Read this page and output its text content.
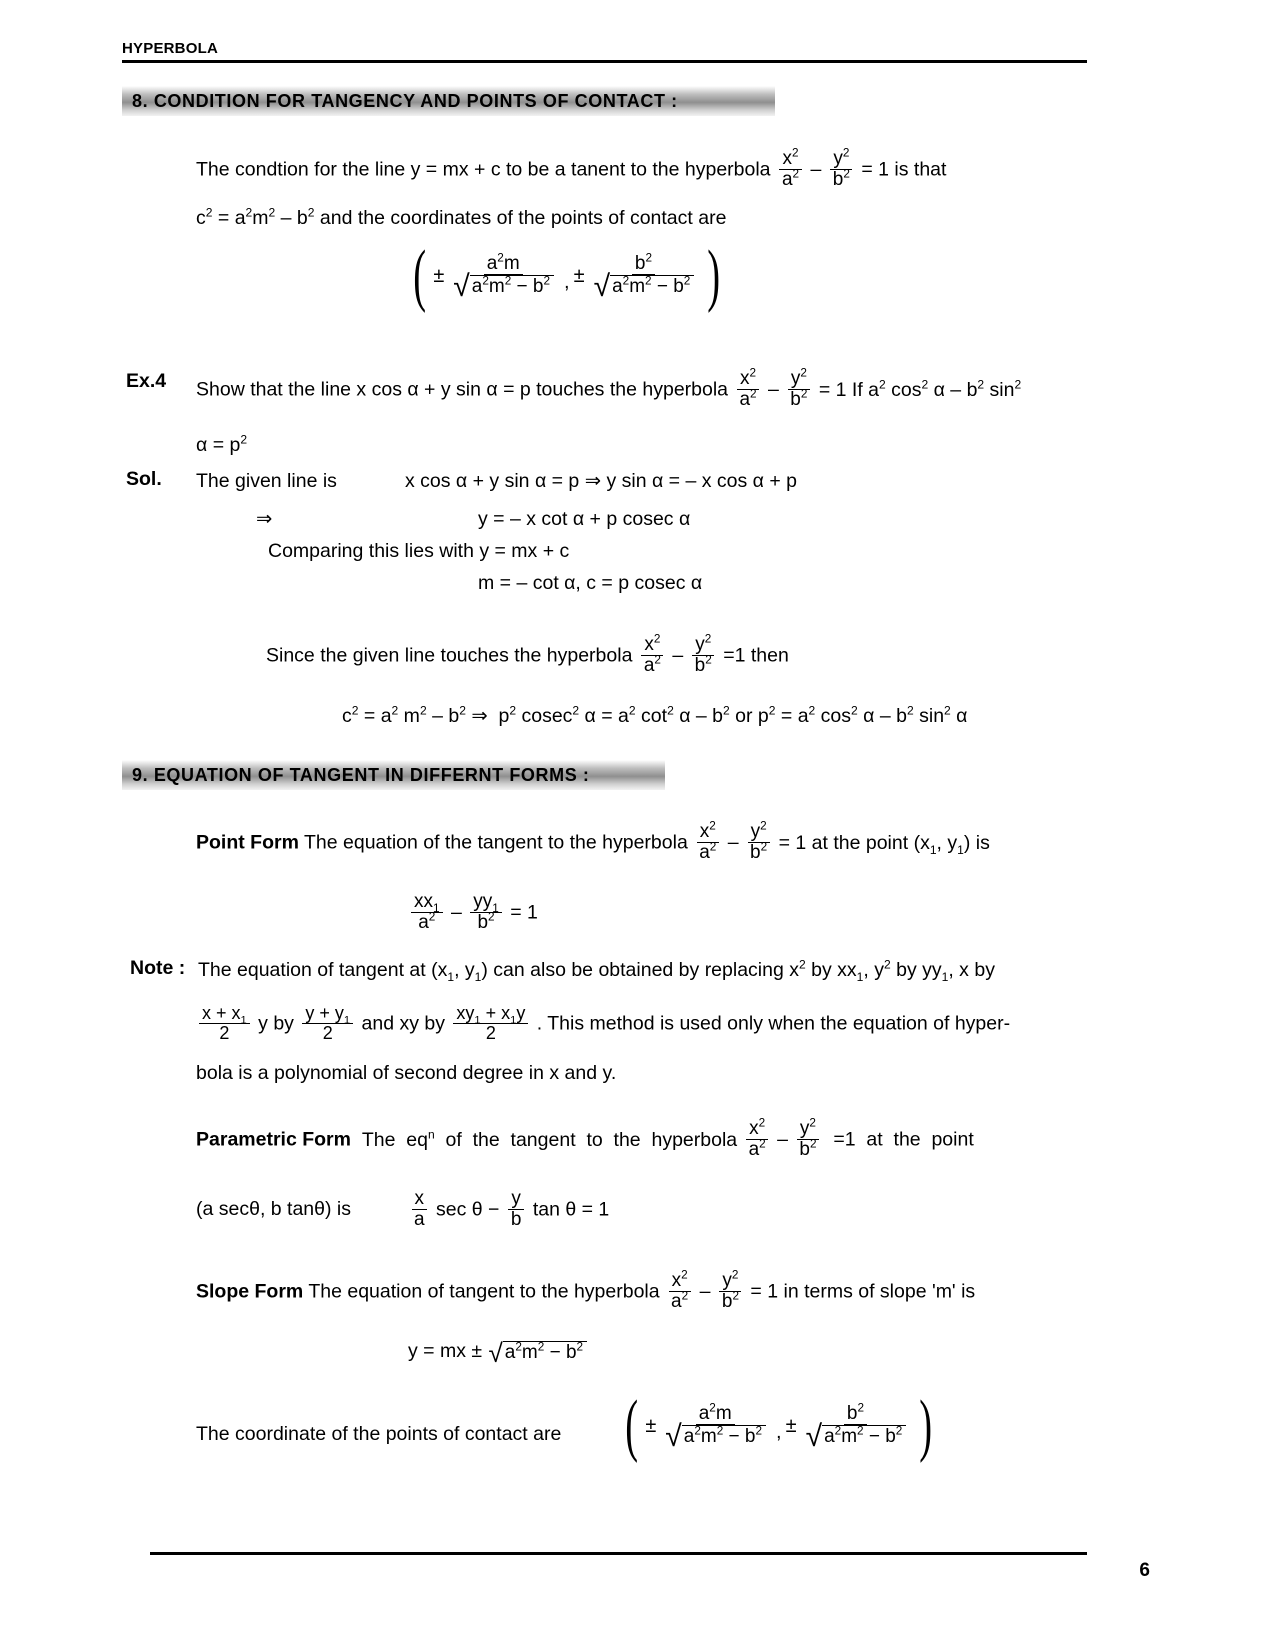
HYPERBOLA
8. CONDITION FOR TANGENCY AND POINTS OF CONTACT :
The condtion for the line y = mx + c to be a tanent to the hyperbola $\frac{x^2}{a^2} - \frac{y^2}{b^2} = 1$ is that
$c^2 = a^2m^2 - b^2$ and the coordinates of the points of contact are
( ± $\frac{a^2m}{√ a^2m^2 - b^2}$ , ± $\frac{b^2}{√ a^2m^2 - b^2}$ )
Ex.4 Show that the line x cos α + y sin α = p touches the hyperbola $\frac{x^2}{a^2} - \frac{y^2}{b^2} = 1$ If $a^2$ $\cos^2 \alpha - b^2$ $\sin^2$
$\alpha = p^2$
Sol. The given line is	x cos α + y sin α = p ⇒ y sin α = – x cos α + p
⇒	y = – x cot α + p cosec α
Comparing this lies with y = mx + c
m = – cot α, c = p cosec α
Since the given line touches the hyperbola $\frac{x^2}{a^2} - \frac{y^2}{b^2} =1$ then
$c^2 = a^2$ $m^2 - b^2$ ⇒  $p^2$ cosec$^2$ $\alpha = a^2$ $\cot^2 \alpha - b^2$ or $p^2 = a^2$ $\cos^2 \alpha - b^2$ $\sin^2 \alpha$
9. EQUATION OF TANGENT IN DIFFERNT FORMS :
Point Form The equation of the tangent to the hyperbola $\frac{x^2}{a^2} - \frac{y^2}{b^2} = 1$ at the point ($x_1$, $y_1$) is
$\frac{xx_1}{a^2} - \frac{yy_1}{b^2} = 1$
Note : The equation of tangent at ($x_1$, $y_1$) can also be obtained by replacing $x^2$ by $xx_1$, $y^2$ by $yy_1$, x by
$\frac{x + x_1}{2}$ y by $\frac{y + y_1}{2}$ and xy by $\frac{xy_1 + x_1y}{2}$ . This method is used only when the equation of hyper-
bola is a polynomial of second degree in x and y.
Parametric Form  The  $eq^n$  of  the  tangent  to  the  hyperbola $\frac{x^2}{a^2} - \frac{y^2}{b^2} =1$  at  the  point
(a secθ, b tanθ) is	$\frac{x}{a}$ $\sec \theta - \frac{y}{b}$ tan θ = 1
Slope Form The equation of tangent to the hyperbola $\frac{x^2}{a^2} - \frac{y^2}{b^2} = 1$ in terms of slope 'm' is
y = mx ± √ $a^2m^2 - b^2$
The coordinate of the points of contact are ( ± $\frac{a^2m}{√ a^2m^2 - b^2}$ , ± $\frac{b^2}{√ a^2m^2 - b^2}$ )
6
